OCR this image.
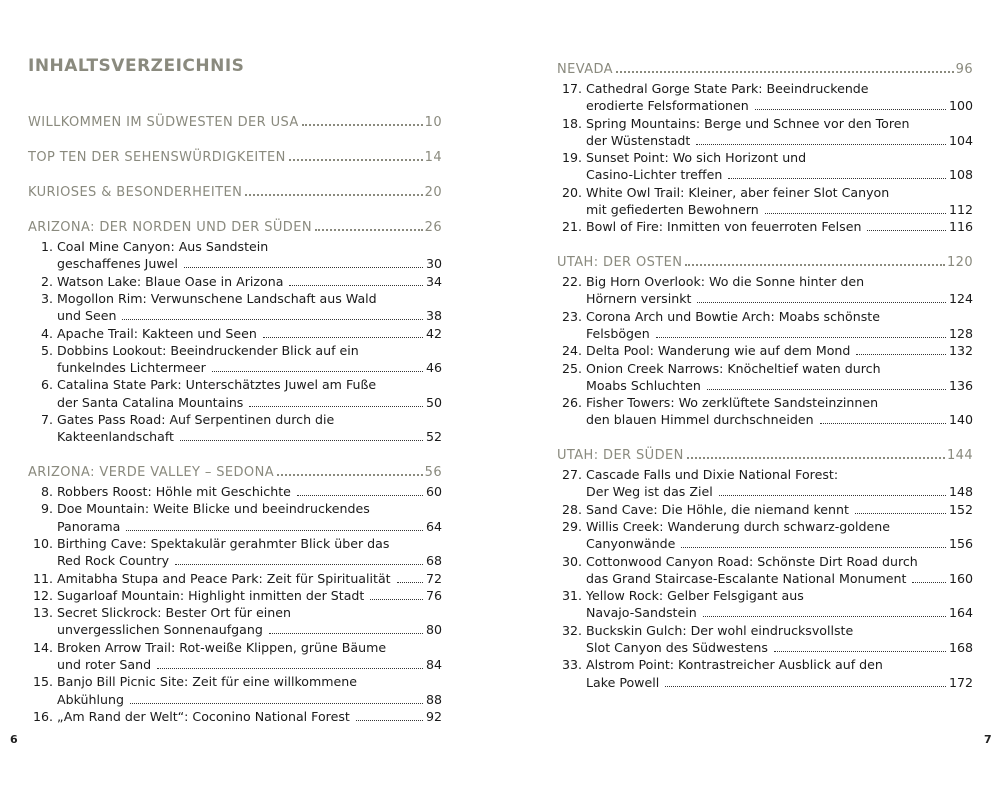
INHALTSVERZEICHNIS
WILLKOMMEN IM SÜDWESTEN DER USA	10
TOP TEN DER SEHENSWÜRDIGKEITEN	14
KURIOSES & BESONDERHEITEN	20
ARIZONA: DER NORDEN UND DER SÜDEN	26
1. Coal Mine Canyon: Aus Sandstein
geschaffenes Juwel	30
2. Watson Lake: Blaue Oase in Arizona	34
3. Mogollon Rim: Verwunschene Landschaft aus Wald
und Seen	38
4. Apache Trail: Kakteen und Seen	42
5. Dobbins Lookout: Beeindruckender Blick auf ein
funkelndes Lichtermeer	46
6. Catalina State Park: Unterschätztes Juwel am Fuße
der Santa Catalina Mountains	50
7. Gates Pass Road: Auf Serpentinen durch die
Kakteenlandschaft	52
ARIZONA: VERDE VALLEY – SEDONA	56
8. Robbers Roost: Höhle mit Geschichte	60
9. Doe Mountain: Weite Blicke und beeindruckendes
Panorama	64
10. Birthing Cave: Spektakulär gerahmter Blick über das
Red Rock Country	68
11. Amitabha Stupa and Peace Park: Zeit für Spiritualität	72
12. Sugarloaf Mountain: Highlight inmitten der Stadt	76
13. Secret Slickrock: Bester Ort für einen
unvergesslichen Sonnenaufgang	80
14. Broken Arrow Trail: Rot-weiße Klippen, grüne Bäume
und roter Sand	84
15. Banjo Bill Picnic Site: Zeit für eine willkommene
Abkühlung	88
16. „Am Rand der Welt“: Coconino National Forest	92
NEVADA	96
17. Cathedral Gorge State Park: Beeindruckende
erodierte Felsformationen	100
18. Spring Mountains: Berge und Schnee vor den Toren
der Wüstenstadt	104
19. Sunset Point: Wo sich Horizont und
Casino-Lichter treffen	108
20. White Owl Trail: Kleiner, aber feiner Slot Canyon
mit gefiederten Bewohnern	112
21. Bowl of Fire: Inmitten von feuerroten Felsen	116
UTAH: DER OSTEN	120
22. Big Horn Overlook: Wo die Sonne hinter den
Hörnern versinkt	124
23. Corona Arch und Bowtie Arch: Moabs schönste
Felsbögen	128
24. Delta Pool: Wanderung wie auf dem Mond	132
25. Onion Creek Narrows: Knöcheltief waten durch
Moabs Schluchten	136
26. Fisher Towers: Wo zerklüftete Sandsteinzinnen
den blauen Himmel durchschneiden	140
UTAH: DER SÜDEN	144
27. Cascade Falls und Dixie National Forest:
Der Weg ist das Ziel	148
28. Sand Cave: Die Höhle, die niemand kennt	152
29. Willis Creek: Wanderung durch schwarz-goldene
Canyonwände	156
30. Cottonwood Canyon Road: Schönste Dirt Road durch
das Grand Staircase-Escalante National Monument	160
31. Yellow Rock: Gelber Felsgigant aus
Navajo-Sandstein	164
32. Buckskin Gulch: Der wohl eindrucksvollste
Slot Canyon des Südwestens	168
33. Alstrom Point: Kontrastreicher Ausblick auf den
Lake Powell	172
6	7
